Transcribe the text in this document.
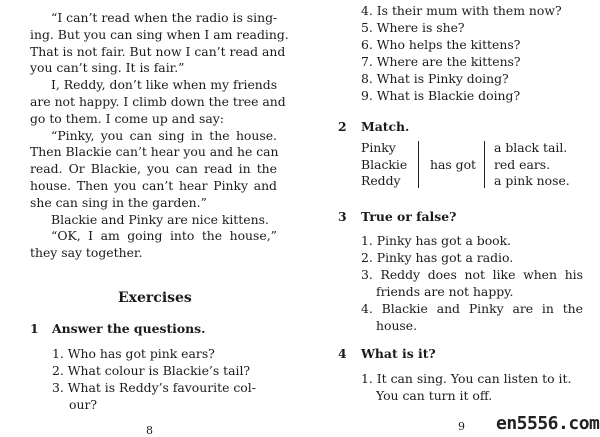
“I can’t read when the radio is sing-
ing. But you can sing when I am reading.
That is not fair. But now I can’t read and
you can’t sing. It is fair.”
I, Reddy, don’t like when my friends
are not happy. I climb down the tree and
go to them. I come up and say:
“Pinky, you can sing in the house.
Then Blackie can’t hear you and he can
read. Or Blackie, you can read in the
house. Then you can’t hear Pinky and
she can sing in the garden.”
Blackie and Pinky are nice kittens.
“OK, I am going into the house,”
they say together.
Exercises
1 Answer the questions.
1. Who has got pink ears?
2. What colour is Blackie’s tail?
3. What is Reddy’s favourite col-
our?
8
4. Is their mum with them now?
5. Where is she?
6. Who helps the kittens?
7. Where are the kittens?
8. What is Pinky doing?
9. What is Blackie doing?
2 Match.
Pinky
Blackie
Reddy
has got
a black tail.
red ears.
a pink nose.
3 True or false?
1. Pinky has got a book.
2. Pinky has got a radio.
3. Reddy does not like when his
friends are not happy.
4. Blackie and Pinky are in the
house.
4 What is it?
1. It can sing. You can listen to it.
You can turn it off.
9 en5556.com
